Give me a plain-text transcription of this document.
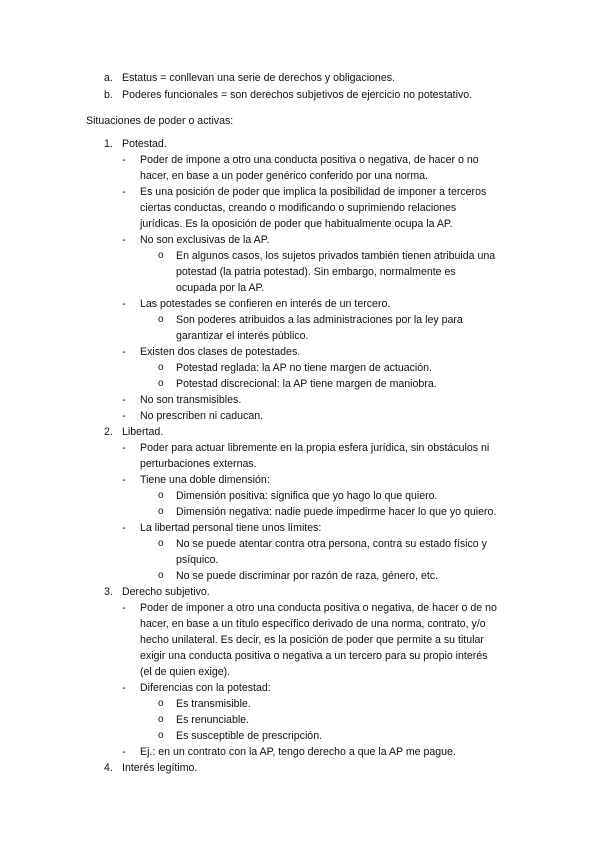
a. Estatus = conllevan una serie de derechos y obligaciones.
b. Poderes funcionales = son derechos subjetivos de ejercicio no potestativo.
Situaciones de poder o activas:
1. Potestad.
- Poder de impone a otro una conducta positiva o negativa, de hacer o no
hacer, en base a un poder genérico conferido por una norma.
- Es una posición de poder que implica la posibilidad de imponer a terceros
ciertas conductas, creando o modificando o suprimiendo relaciones
jurídicas. Es la oposición de poder que habitualmente ocupa la AP.
- No son exclusivas de la AP.
o En algunos casos, los sujetos privados también tienen atribuida una
potestad (la patria potestad). Sin embargo, normalmente es
ocupada por la AP.
- Las potestades se confieren en interés de un tercero.
o Son poderes atribuidos a las administraciones por la ley para
garantizar el interés público.
- Existen dos clases de potestades.
o Potestad reglada: la AP no tiene margen de actuación.
o Potestad discrecional: la AP tiene margen de maniobra.
- No son transmisibles.
- No prescriben ni caducan.
2. Libertad.
- Poder para actuar libremente en la propia esfera jurídica, sin obstáculos ni
perturbaciones externas.
- Tiene una doble dimensión:
o Dimensión positiva: significa que yo hago lo que quiero.
o Dimensión negativa: nadie puede impedirme hacer lo que yo quiero.
- La libertad personal tiene unos límites:
o No se puede atentar contra otra persona, contra su estado físico y
psíquico.
o No se puede discriminar por razón de raza, género, etc.
3. Derecho subjetivo.
- Poder de imponer a otro una conducta positiva o negativa, de hacer o de no
hacer, en base a un título específico derivado de una norma, contrato, y/o
hecho unilateral. Es decir, es la posición de poder que permite a su titular
exigir una conducta positiva o negativa a un tercero para su propio interés
(el de quien exige).
- Diferencias con la potestad:
o Es transmisible.
o Es renunciable.
o Es susceptible de prescripción.
- Ej.: en un contrato con la AP, tengo derecho a que la AP me pague.
4. Interés legítimo.
